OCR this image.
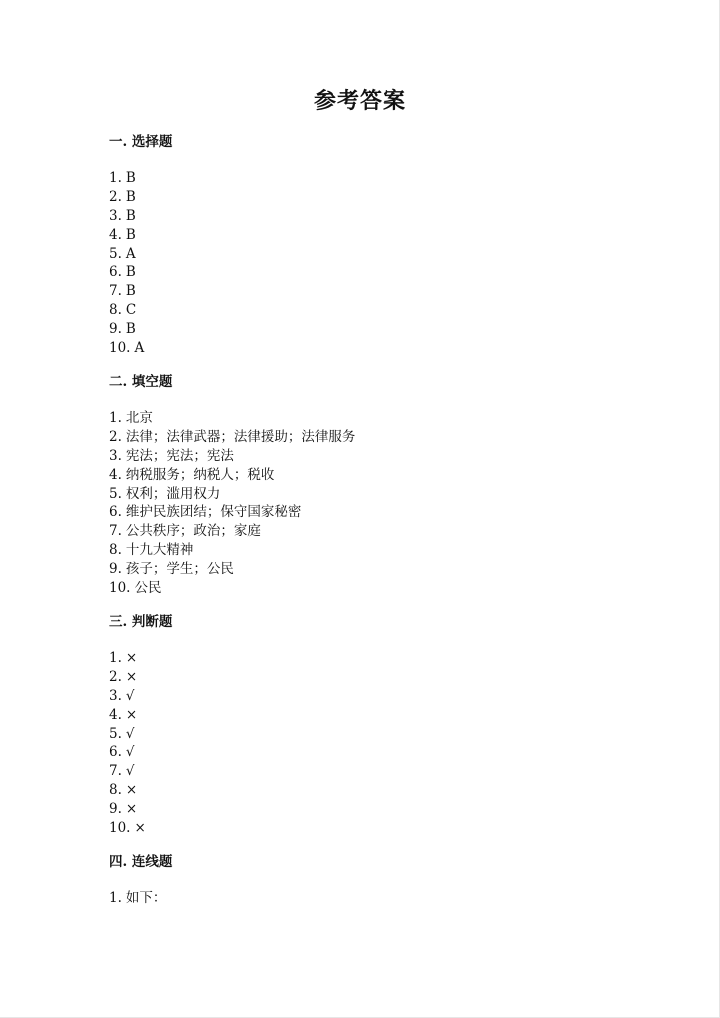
参考答案
一. 选择题
1. B
2. B
3. B
4. B
5. A
6. B
7. B
8. C
9. B
10. A
二. 填空题
1. 北京
2. 法律；法律武器；法律援助；法律服务
3. 宪法；宪法；宪法
4. 纳税服务；纳税人；税收
5. 权利；滥用权力
6. 维护民族团结；保守国家秘密
7. 公共秩序；政治；家庭
8. 十九大精神
9. 孩子；学生；公民
10. 公民
三. 判断题
1. ×
2. ×
3. √
4. ×
5. √
6. √
7. √
8. ×
9. ×
10. ×
四. 连线题
1. 如下：
